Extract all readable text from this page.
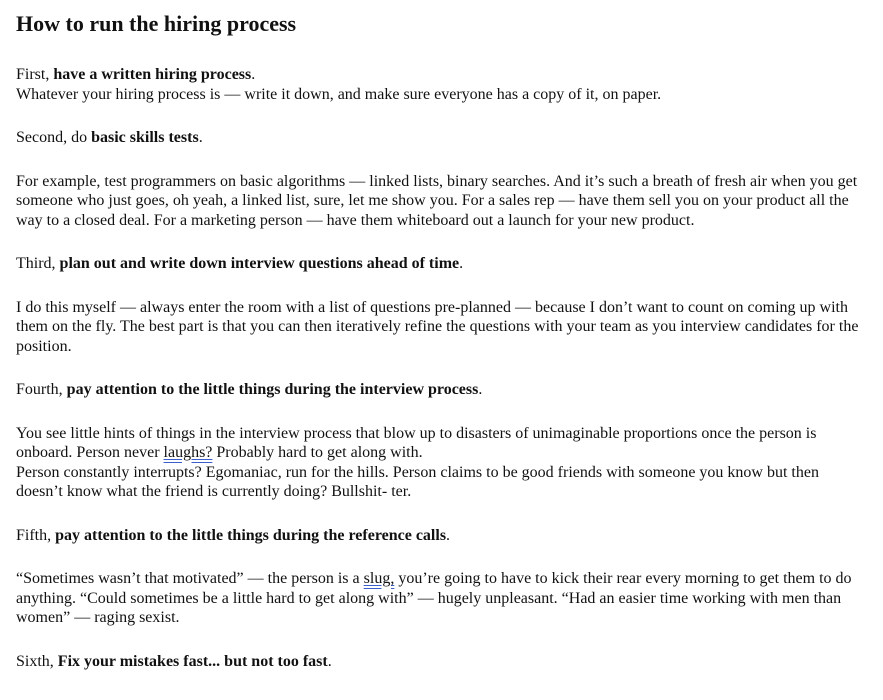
How to run the hiring process

First, have a written hiring process.

Whatever your hiring process is — write it down, and make sure everyone has a copy of it, on paper.

Second, do basic skills tests.

For example, test programmers on basic algorithms — linked lists, binary searches. And it’s such a breath of fresh air when you get someone who just goes, oh yeah, a linked list, sure, let me show you. For a sales rep — have them sell you on your product all the way to a closed deal. For a marketing person — have them whiteboard out a launch for your new product.

Third, plan out and write down interview questions ahead of time.

I do this myself — always enter the room with a list of questions pre-planned — because I don’t want to count on coming up with them on the fly. The best part is that you can then iteratively refine the questions with your team as you interview candidates for the position.

Fourth, pay attention to the little things during the interview process.

You see little hints of things in the interview process that blow up to disasters of unimaginable proportions once the person is onboard. Person never laughs? Probably hard to get along with.

Person constantly interrupts? Egomaniac, run for the hills. Person claims to be good friends with someone you know but then doesn’t know what the friend is currently doing? Bullshit- ter.

Fifth, pay attention to the little things during the reference calls.

“Sometimes wasn’t that motivated” — the person is a slug, you’re going to have to kick their rear every morning to get them to do anything. “Could sometimes be a little hard to get along with” — hugely unpleasant. “Had an easier time working with men than women” — raging sexist.

Sixth, Fix your mistakes fast... but not too fast.
